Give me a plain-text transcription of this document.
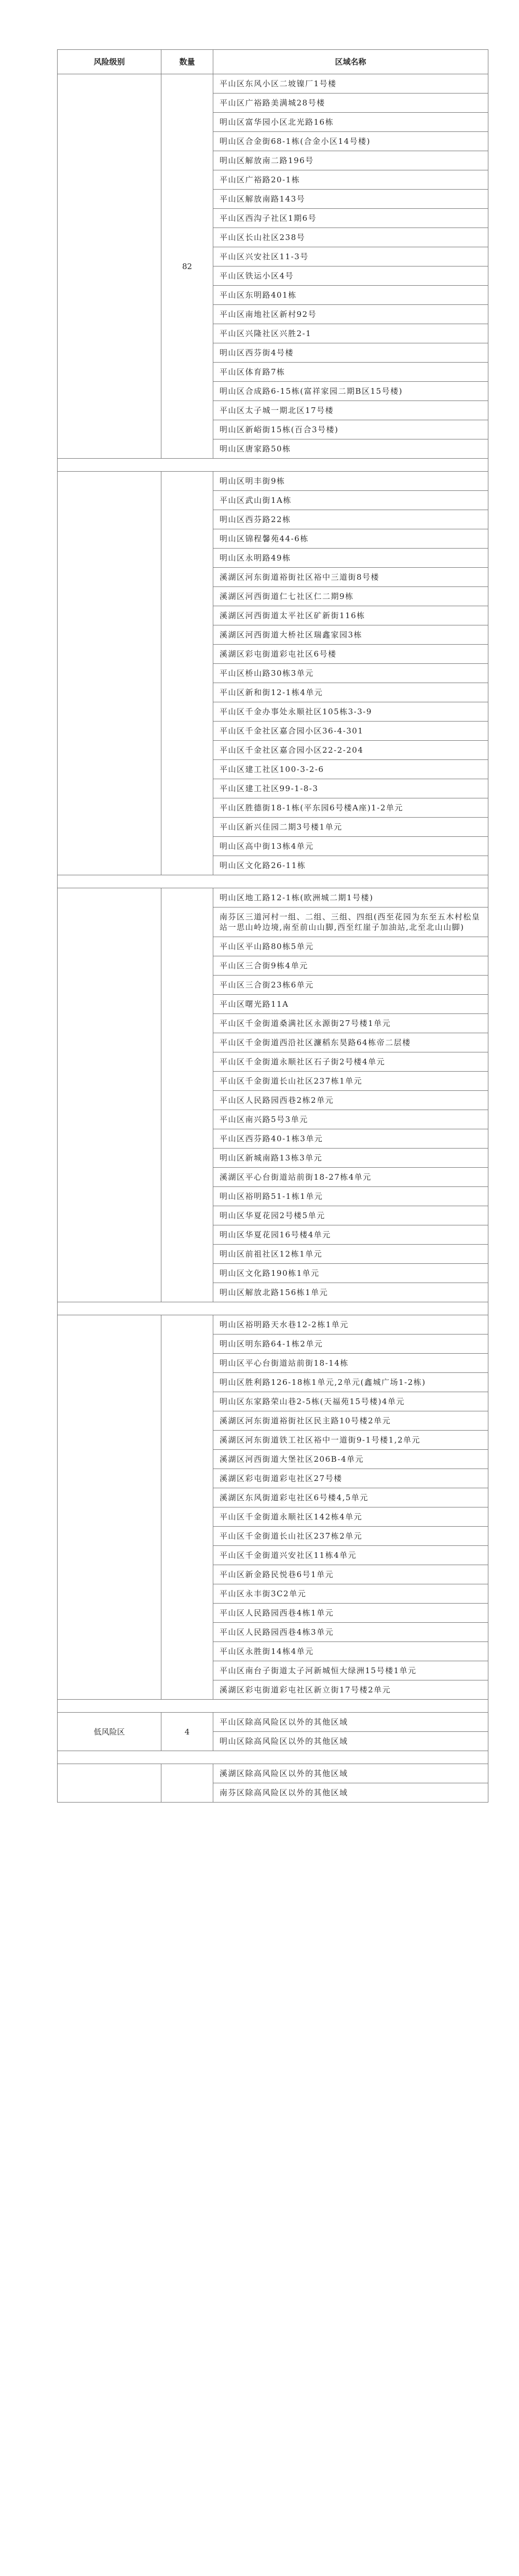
风险级别	数量	区域名称
	82	平山区东风小区二坡镍厂1号楼
		平山区广裕路美满城28号楼
		明山区富华园小区北光路16栋
		明山区合金街68-1栋(合金小区14号楼)
		明山区解放南二路196号
		平山区广裕路20-1栋
		平山区解放南路143号
		平山区西沟子社区1期6号
		平山区长山社区238号
		平山区兴安社区11-3号
		平山区铁运小区4号
		平山区东明路401栋
		平山区南地社区新村92号
		平山区兴隆社区兴胜2-1
		明山区西芬街4号楼
		平山区体育路7栋
		明山区合成路6-15栋(富祥家园二期B区15号楼)
		平山区太子城一期北区17号楼
		明山区新峪街15栋(百合3号楼)
		明山区唐家路50栋

		明山区明丰街9栋
		平山区武山街1A栋
		明山区西芬路22栋
		明山区锦程馨苑44-6栋
		明山区永明路49栋
		溪湖区河东街道裕街社区裕中三道街8号楼
		溪湖区河西街道仁七社区仁二期9栋
		溪湖区河西街道太平社区矿新街116栋
		溪湖区河西街道大桥社区瑞鑫家园3栋
		溪湖区彩屯街道彩屯社区6号楼
		平山区桥山路30栋3单元
		平山区新和街12-1栋4单元
		平山区千金办事处永顺社区105栋3-3-9
		平山区千金社区嘉合园小区36-4-301
		平山区千金社区嘉合园小区22-2-204
		平山区建工社区100-3-2-6
		平山区建工社区99-1-8-3
		平山区胜德街18-1栋(平东园6号楼A座)1-2单元
		平山区新兴佳园二期3号楼1单元
		明山区高中街13栋4单元
		明山区文化路26-11栋

		明山区地工路12-1栋(欧洲城二期1号楼)
		南芬区三道河村一组、二组、三组、四组(西至花园为东至五木村松皇站一思山岭边境,南至前山山脚,西至红崖子加油站,北至北山山脚)
		平山区平山路80栋5单元
		平山区三合街9栋4单元
		平山区三合街23栋6单元
		平山区曙光路11A
		平山区千金街道桑满社区永源街27号楼1单元
		平山区千金街道西沿社区濂稻东昊路64栋帝二层楼
		平山区千金街道永顺社区石子街2号楼4单元
		平山区千金街道长山社区237栋1单元
		平山区人民路园西巷2栋2单元
		平山区南兴路5号3单元
		平山区西芬路40-1栋3单元
		明山区新城南路13栋3单元
		溪湖区平心台街道站前街18-27栋4单元
		明山区裕明路51-1栋1单元
		明山区华夏花园2号楼5单元
		明山区华夏花园16号楼4单元
		明山区前祖社区12栋1单元
		明山区文化路190栋1单元
		明山区解放北路156栋1单元

		明山区裕明路天水巷12-2栋1单元
		明山区明东路64-1栋2单元
		明山区平心台街道站前街18-14栋
		明山区胜利路126-18栋1单元,2单元(鑫城广场1-2栋)
		明山区东家路荣山巷2-5栋(天福苑15号楼)4单元
		溪湖区河东街道裕街社区民主路10号楼2单元
		溪湖区河东街道铁工社区裕中一道街9-1号楼1,2单元
		溪湖区河西街道大堡社区206B-4单元
		溪湖区彩屯街道彩屯社区27号楼
		溪湖区东风街道彩屯社区6号楼4,5单元
		平山区千金街道永顺社区142栋4单元
		平山区千金街道长山社区237栋2单元
		平山区千金街道兴安社区11栋4单元
		平山区新金路民悦巷6号1单元
		平山区永丰街3C2单元
		平山区人民路园西巷4栋1单元
		平山区人民路园西巷4栋3单元
		平山区永胜街14栋4单元
		平山区南台子街道太子河新城恒大绿洲15号楼1单元
		溪湖区彩屯街道彩屯社区新立街17号楼2单元

低风险区	4	平山区除高风险区以外的其他区域
		明山区除高风险区以外的其他区域

		溪湖区除高风险区以外的其他区域
		南芬区除高风险区以外的其他区域
